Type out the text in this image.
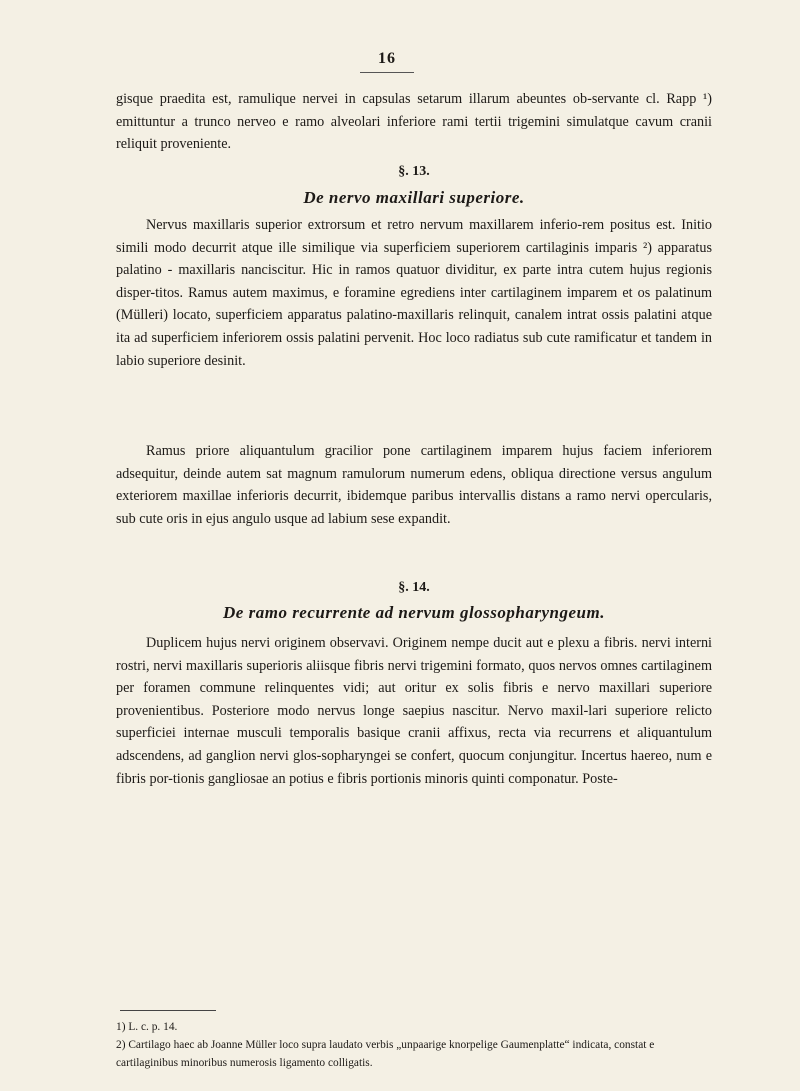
16

gisque praedita est, ramulique nervei in capsulas setarum illarum abeuntes ob-servante cl. Rapp ¹) emittuntur a trunco nerveo e ramo alveolari inferiore rami tertii trigemini simulatque cavum cranii reliquit proveniente.

§. 13.
De nervo maxillari superiore.

Nervus maxillaris superior extrorsum et retro nervum maxillarem inferio-rem positus est. Initio simili modo decurrit atque ille similique via superficiem superiorem cartilaginis imparis ²) apparatus palatino - maxillaris nanciscitur. Hic in ramos quatuor dividitur, ex parte intra cutem hujus regionis disper-titos. Ramus autem maximus, e foramine egrediens inter cartilaginem imparem et os palatinum (Mülleri) locato, superficiem apparatus palatino-maxillaris relinquit, canalem intrat ossis palatini atque ita ad superficiem inferiorem ossis palatini pervenit. Hoc loco radiatus sub cute ramificatur et tandem in labio superiore desinit.

Ramus priore aliquantulum gracilior pone cartilaginem imparem hujus faciem inferiorem adsequitur, deinde autem sat magnum ramulorum numerum edens, obliqua directione versus angulum exteriorem maxillae inferioris decurrit, ibidemque paribus intervallis distans a ramo nervi opercularis, sub cute oris in ejus angulo usque ad labium sese expandit.

§. 14.
De ramo recurrente ad nervum glossopharyngeum.

Duplicem hujus nervi originem observavi. Originem nempe ducit aut e plexu a fibris. nervi interni rostri, nervi maxillaris superioris aliisque fibris nervi trigemini formato, quos nervos omnes cartilaginem per foramen commune relinquentes vidi; aut oritur ex solis fibris e nervo maxillari superiore provenientibus. Posteriore modo nervus longe saepius nascitur. Nervo maxil-lari superiore relicto superficiei internae musculi temporalis basique cranii affixus, recta via recurrens et aliquantulum adscendens, ad ganglion nervi glos-sopharyngei se confert, quocum conjungitur. Incertus haereo, num e fibris por-tionis gangliosae an potius e fibris portionis minoris quinti componatur. Poste-

1) L. c. p. 14.

2) Cartilago haec ab Joanne Müller loco supra laudato verbis „unpaarige knorpelige Gaumenplatte“ indicata, constat e cartilaginibus minoribus numerosis ligamento colligatis.
